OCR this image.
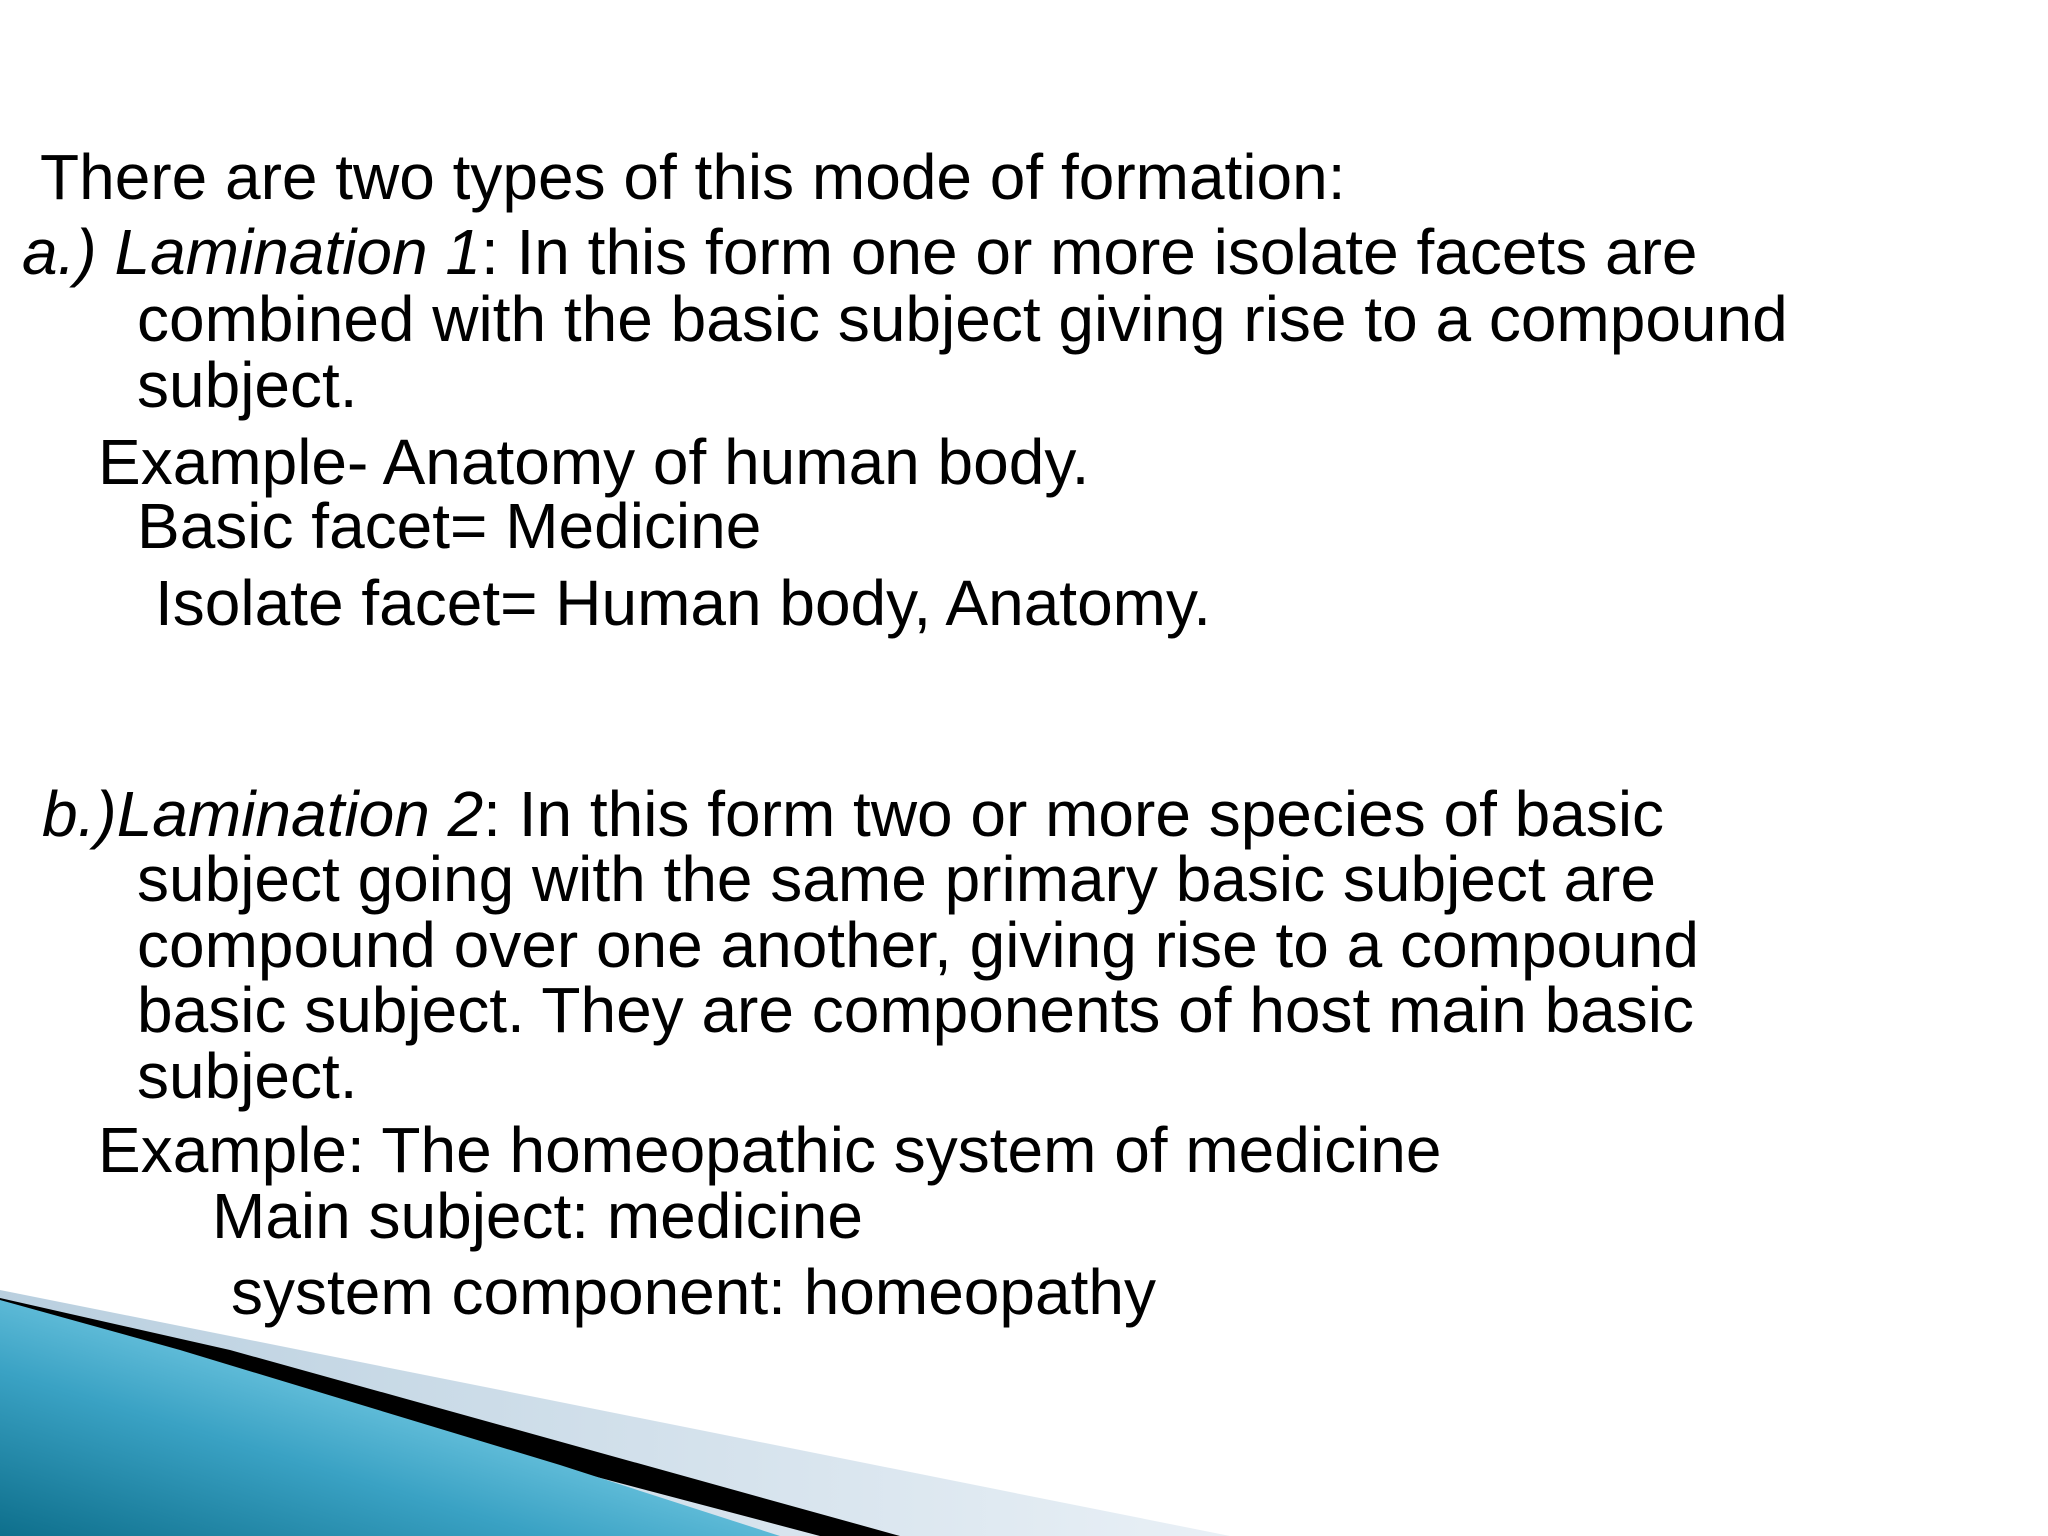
There are two types of this mode of formation:
a.) Lamination 1: In this form one or more isolate facets are
combined with the basic subject giving rise to a compound
subject.
Example- Anatomy of human body.
Basic facet= Medicine
Isolate facet= Human body, Anatomy.
b.)Lamination 2: In this form two or more species of basic
subject going with the same primary basic subject are
compound over one another, giving rise to a compound
basic subject. They are components of host main basic
subject.
Example: The homeopathic system of medicine
Main subject: medicine
system component: homeopathy
